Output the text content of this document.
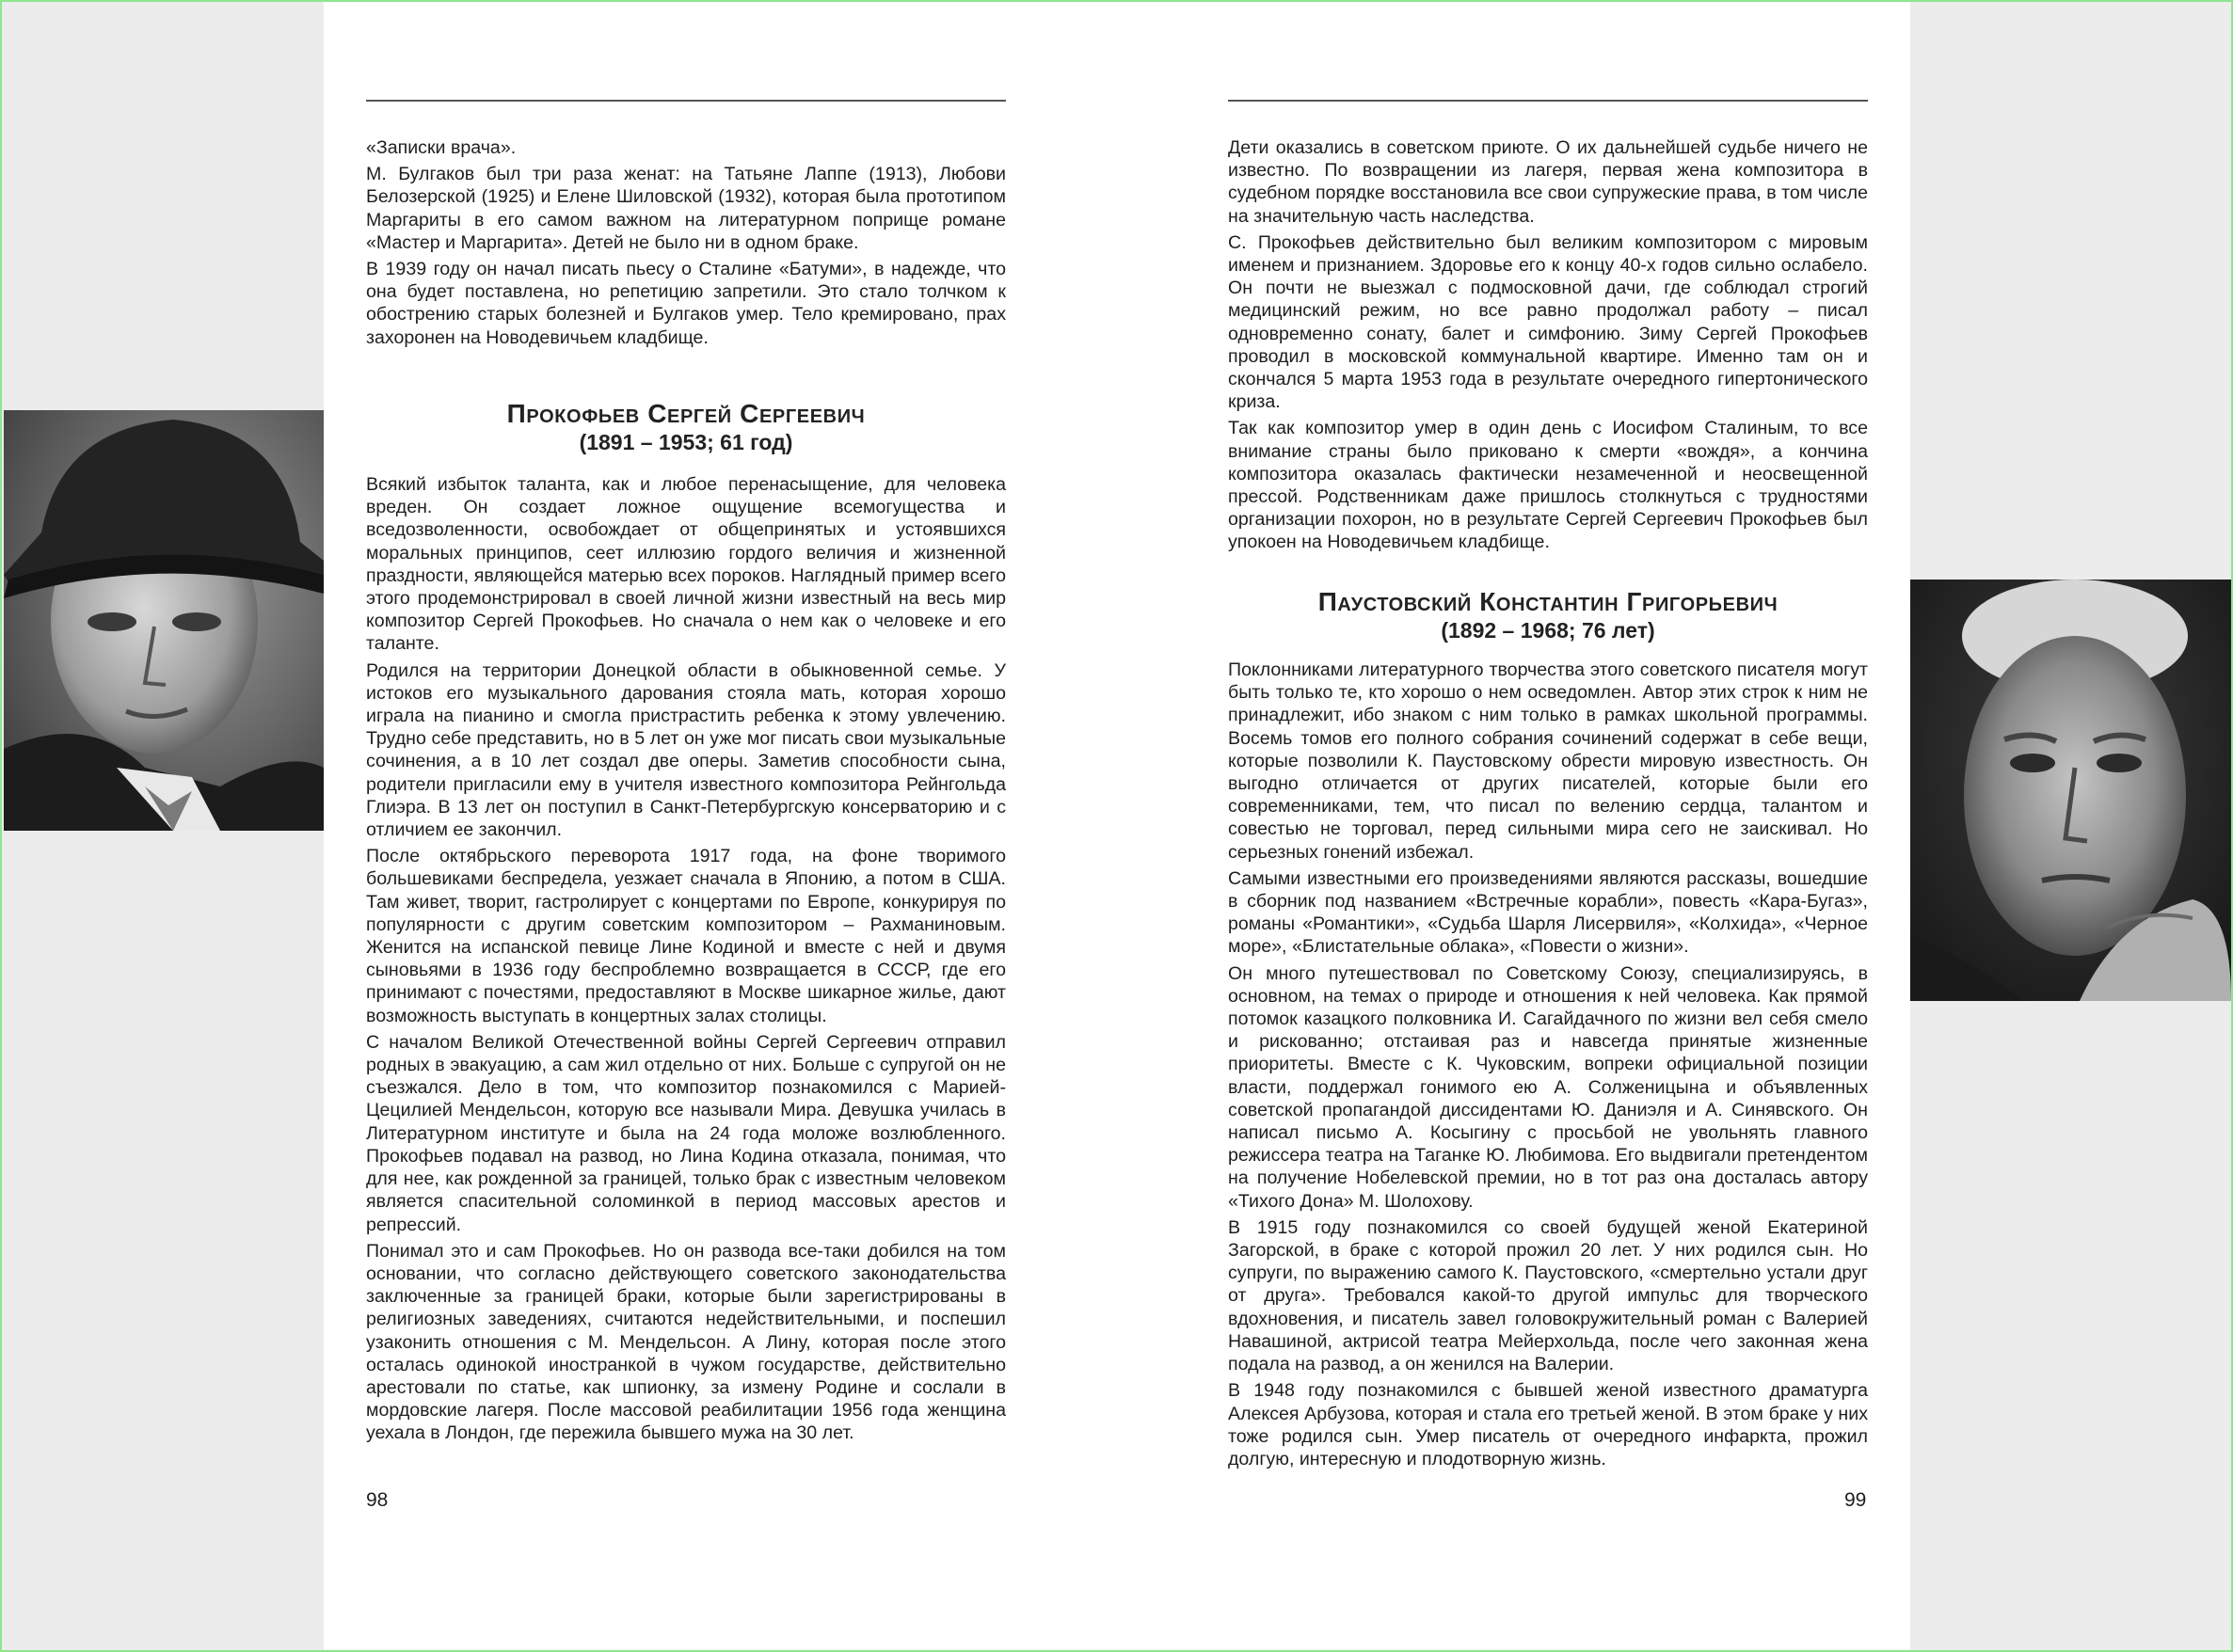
«Записки врача».

М. Булгаков был три раза женат: на Татьяне Лаппе (1913), Любови Белозерской (1925) и Елене Шиловской (1932), которая была прототипом Маргариты в его самом важном на литературном поприще романе «Мастер и Маргарита». Детей не было ни в одном браке.

В 1939 году он начал писать пьесу о Сталине «Батуми», в надежде, что она будет поставлена, но репетицию запретили. Это стало толчком к обострению старых болезней и Булгаков умер. Тело кремировано, прах захоронен на Новодевичьем кладбище.

Прокофьев Сергей Сергеевич
(1891 – 1953; 61 год)

Всякий избыток таланта, как и любое перенасыщение, для человека вреден. Он создает ложное ощущение всемогущества и вседозволенности, освобождает от общепринятых и устоявшихся моральных принципов, сеет иллюзию гордого величия и жизненной праздности, являющейся матерью всех пороков. Наглядный пример всего этого продемонстрировал в своей личной жизни известный на весь мир композитор Сергей Прокофьев. Но сначала о нем как о человеке и его таланте.

Родился на территории Донецкой области в обыкновенной семье. У истоков его музыкального дарования стояла мать, которая хорошо играла на пианино и смогла пристрастить ребенка к этому увлечению. Трудно себе представить, но в 5 лет он уже мог писать свои музыкальные сочинения, а в 10 лет создал две оперы. Заметив способности сына, родители пригласили ему в учителя известного композитора Рейнгольда Глиэра. В 13 лет он поступил в Санкт-Петербургскую консерваторию и с отличием ее закончил.

После октябрьского переворота 1917 года, на фоне творимого большевиками беспредела, уезжает сначала в Японию, а потом в США. Там живет, творит, гастролирует с концертами по Европе, конкурируя по популярности с другим советским композитором – Рахманиновым. Женится на испанской певице Лине Кодиной и вместе с ней и двумя сыновьями в 1936 году беспроблемно возвращается в СССР, где его принимают с почестями, предоставляют в Москве шикарное жилье, дают возможность выступать в концертных залах столицы.

С началом Великой Отечественной войны Сергей Сергеевич отправил родных в эвакуацию, а сам жил отдельно от них. Больше с супругой он не съезжался. Дело в том, что композитор познакомился с Марией-Цецилией Мендельсон, которую все называли Мира. Девушка училась в Литературном институте и была на 24 года моложе возлюбленного. Прокофьев подавал на развод, но Лина Кодина отказала, понимая, что для нее, как рожденной за границей, только брак с известным человеком является спасительной соломинкой в период массовых арестов и репрессий.

Понимал это и сам Прокофьев. Но он развода все-таки добился на том основании, что согласно действующего советского законодательства заключенные за границей браки, которые были зарегистрированы в религиозных заведениях, считаются недействительными, и поспешил узаконить отношения с М. Мендельсон. А Лину, которая после этого осталась одинокой иностранкой в чужом государстве, действительно арестовали по статье, как шпионку, за измену Родине и сослали в мордовские лагеря. После массовой реабилитации 1956 года женщина уехала в Лондон, где пережила бывшего мужа на 30 лет.

98

Дети оказались в советском приюте. О их дальнейшей судьбе ничего не известно. По возвращении из лагеря, первая жена композитора в судебном порядке восстановила все свои супружеские права, в том числе на значительную часть наследства.

С. Прокофьев действительно был великим композитором с мировым именем и признанием. Здоровье его к концу 40-х годов сильно ослабело. Он почти не выезжал с подмосковной дачи, где соблюдал строгий медицинский режим, но все равно продолжал работу – писал одновременно сонату, балет и симфонию. Зиму Сергей Прокофьев проводил в московской коммунальной квартире. Именно там он и скончался 5 марта 1953 года в результате очередного гипертонического криза.

Так как композитор умер в один день с Иосифом Сталиным, то все внимание страны было приковано к смерти «вождя», а кончина композитора оказалась фактически незамеченной и неосвещенной прессой. Родственникам даже пришлось столкнуться с трудностями организации похорон, но в результате Сергей Сергеевич Прокофьев был упокоен на Новодевичьем кладбище.

Паустовский Константин Григорьевич
(1892 – 1968; 76 лет)

Поклонниками литературного творчества этого советского писателя могут быть только те, кто хорошо о нем осведомлен. Автор этих строк к ним не принадлежит, ибо знаком с ним только в рамках школьной программы. Восемь томов его полного собрания сочинений содержат в себе вещи, которые позволили К. Паустовскому обрести мировую известность. Он выгодно отличается от других писателей, которые были его современниками, тем, что писал по велению сердца, талантом и совестью не торговал, перед сильными мира сего не заискивал. Но серьезных гонений избежал.

Самыми известными его произведениями являются рассказы, вошедшие в сборник под названием «Встречные корабли», повесть «Кара-Бугаз», романы «Романтики», «Судьба Шарля Лисервиля», «Колхида», «Черное море», «Блистательные облака», «Повести о жизни».

Он много путешествовал по Советскому Союзу, специализируясь, в основном, на темах о природе и отношения к ней человека. Как прямой потомок казацкого полковника И. Сагайдачного по жизни вел себя смело и рискованно; отстаивая раз и навсегда принятые жизненные приоритеты. Вместе с К. Чуковским, вопреки официальной позиции власти, поддержал гонимого ею А. Солженицына и объявленных советской пропагандой диссидентами Ю. Даниэля и А. Синявского. Он написал письмо А. Косыгину с просьбой не увольнять главного режиссера театра на Таганке Ю. Любимова. Его выдвигали претендентом на получение Нобелевской премии, но в тот раз она досталась автору «Тихого Дона» М. Шолохову.

В 1915 году познакомился со своей будущей женой Екатериной Загорской, в браке с которой прожил 20 лет. У них родился сын. Но супруги, по выражению самого К. Паустовского, «смертельно устали друг от друга». Требовался какой-то другой импульс для творческого вдохновения, и писатель завел головокружительный роман с Валерией Навашиной, актрисой театра Мейерхольда, после чего законная жена подала на развод, а он женился на Валерии.

В 1948 году познакомился с бывшей женой известного драматурга Алексея Арбузова, которая и стала его третьей женой. В этом браке у них тоже родился сын. Умер писатель от очередного инфаркта, прожил долгую, интересную и плодотворную жизнь.

99
